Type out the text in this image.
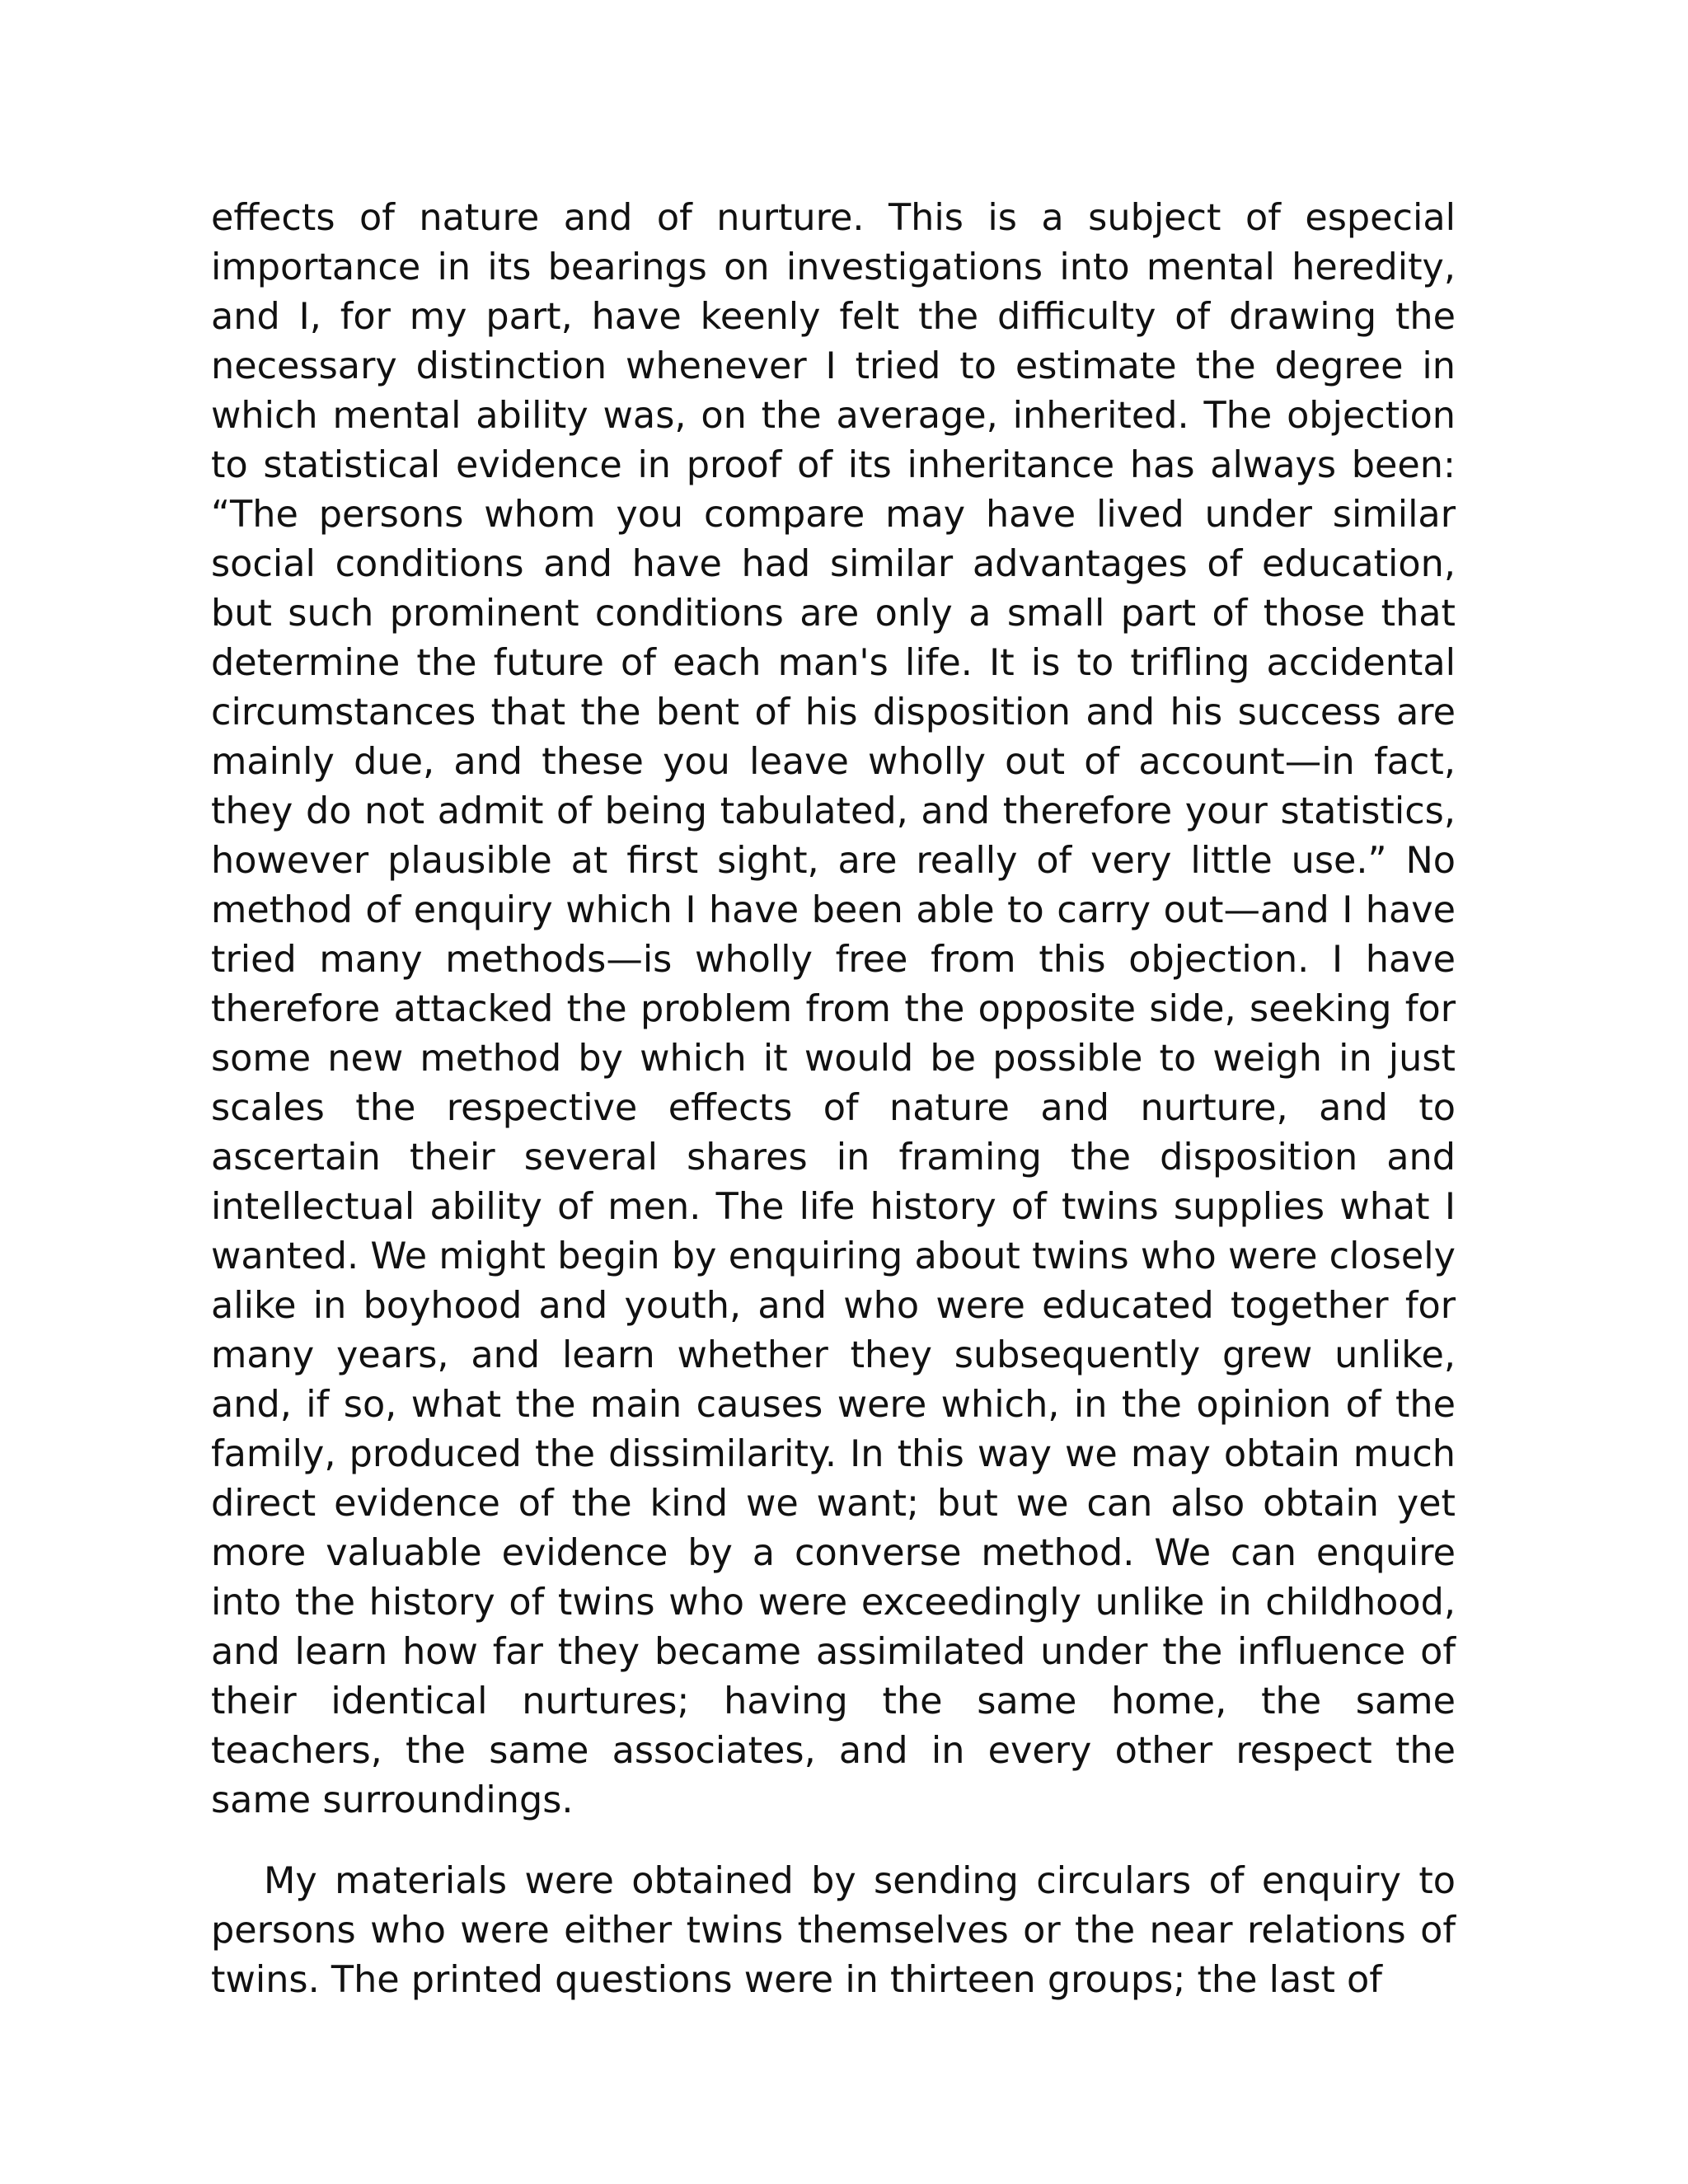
effects of nature and of nurture. This is a subject of especial importance in its bearings on investigations into mental heredity, and I, for my part, have keenly felt the difficulty of drawing the necessary distinction whenever I tried to estimate the degree in which mental ability was, on the average, inherited. The objection to statistical evidence in proof of its inheritance has always been: “The persons whom you compare may have lived under similar social conditions and have had similar advantages of education, but such prominent conditions are only a small part of those that determine the future of each man's life. It is to trifling accidental circumstances that the bent of his disposition and his success are mainly due, and these you leave wholly out of account—in fact, they do not admit of being tabulated, and therefore your statistics, however plausible at first sight, are really of very little use.” No method of enquiry which I have been able to carry out—and I have tried many methods—is wholly free from this objection. I have therefore attacked the problem from the opposite side, seeking for some new method by which it would be possible to weigh in just scales the respective effects of nature and nurture, and to ascertain their several shares in framing the disposition and intellectual ability of men. The life history of twins supplies what I wanted. We might begin by enquiring about twins who were closely alike in boyhood and youth, and who were educated together for many years, and learn whether they subsequently grew unlike, and, if so, what the main causes were which, in the opinion of the family, produced the dissimilarity. In this way we may obtain much direct evidence of the kind we want; but we can also obtain yet more valuable evidence by a converse method. We can enquire into the history of twins who were exceedingly unlike in childhood, and learn how far they became assimilated under the influence of their identical nurtures; having the same home, the same teachers, the same associates, and in every other respect the same surroundings.

My materials were obtained by sending circulars of enquiry to persons who were either twins themselves or the near relations of twins. The printed questions were in thirteen groups; the last of
